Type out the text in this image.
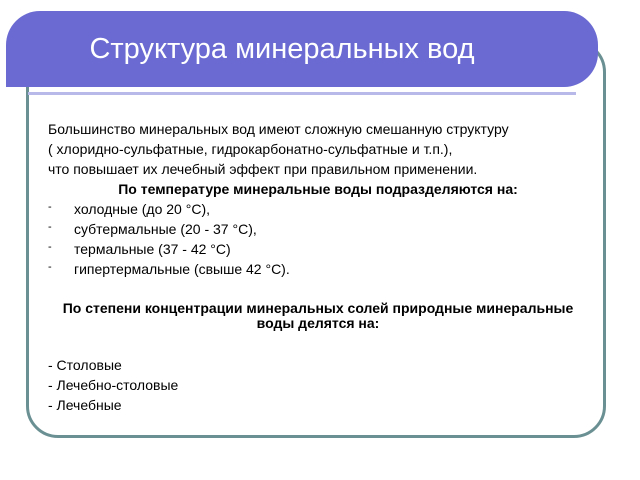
Структура минеральных вод

Большинство минеральных вод имеют сложную смешанную структуру

( хлоридно-сульфатные, гидрокарбонатно-сульфатные и т.п.),

что повышает их лечебный эффект при правильном применении.

По температуре минеральные воды подразделяются на:

- холодные (до 20 °С),
- субтермальные (20 - 37 °С),
- термальные (37 - 42 °С)
- гипертермальные (свыше 42 °С).

По степени концентрации минеральных солей природные минеральные воды делятся на:

- Столовые
- Лечебно-столовые
- Лечебные
